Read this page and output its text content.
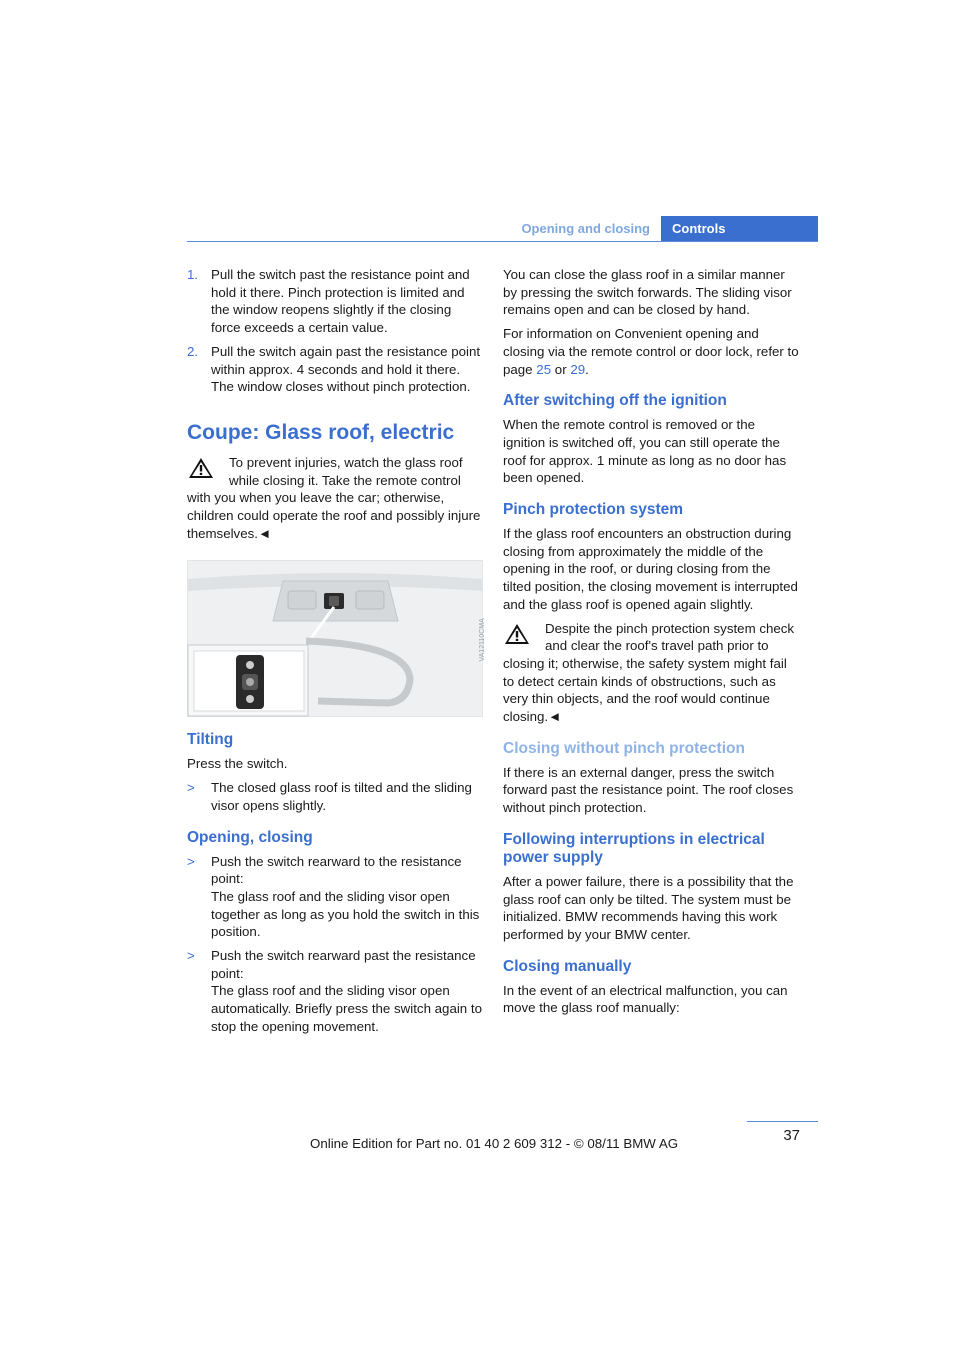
Opening and closing	Controls
1. Pull the switch past the resistance point and hold it there. Pinch protection is limited and the window reopens slightly if the closing force exceeds a certain value.
2. Pull the switch again past the resistance point within approx. 4 seconds and hold it there. The window closes without pinch protection.
Coupe: Glass roof, electric
To prevent injuries, watch the glass roof while closing it. Take the remote control with you when you leave the car; otherwise, children could operate the roof and possibly injure themselves.◄
VA12110CMA
Tilting

Press the switch.

> The closed glass roof is tilted and the sliding visor opens slightly.
Opening, closing
> Push the switch rearward to the resistance point:
The glass roof and the sliding visor open together as long as you hold the switch in this position.
> Push the switch rearward past the resistance point:
The glass roof and the sliding visor open automatically. Briefly press the switch again to stop the opening movement.

You can close the glass roof in a similar manner by pressing the switch forwards. The sliding visor remains open and can be closed by hand.

For information on Convenient opening and closing via the remote control or door lock, refer to page 25 or 29.

After switching off the ignition

When the remote control is removed or the ignition is switched off, you can still operate the roof for approx. 1 minute as long as no door has been opened.

Pinch protection system

If the glass roof encounters an obstruction during closing from approximately the middle of the opening in the roof, or during closing from the tilted position, the closing movement is interrupted and the glass roof is opened again slightly.

Despite the pinch protection system check and clear the roof's travel path prior to closing it; otherwise, the safety system might fail to detect certain kinds of obstructions, such as very thin objects, and the roof would continue closing.◄
Closing without pinch protection

If there is an external danger, press the switch forward past the resistance point. The roof closes without pinch protection.

Following interruptions in electrical power supply

After a power failure, there is a possibility that the glass roof can only be tilted. The system must be initialized. BMW recommends having this work performed by your BMW center.

Closing manually

In the event of an electrical malfunction, you can move the glass roof manually:

37
Online Edition for Part no. 01 40 2 609 312 - © 08/11 BMW AG
